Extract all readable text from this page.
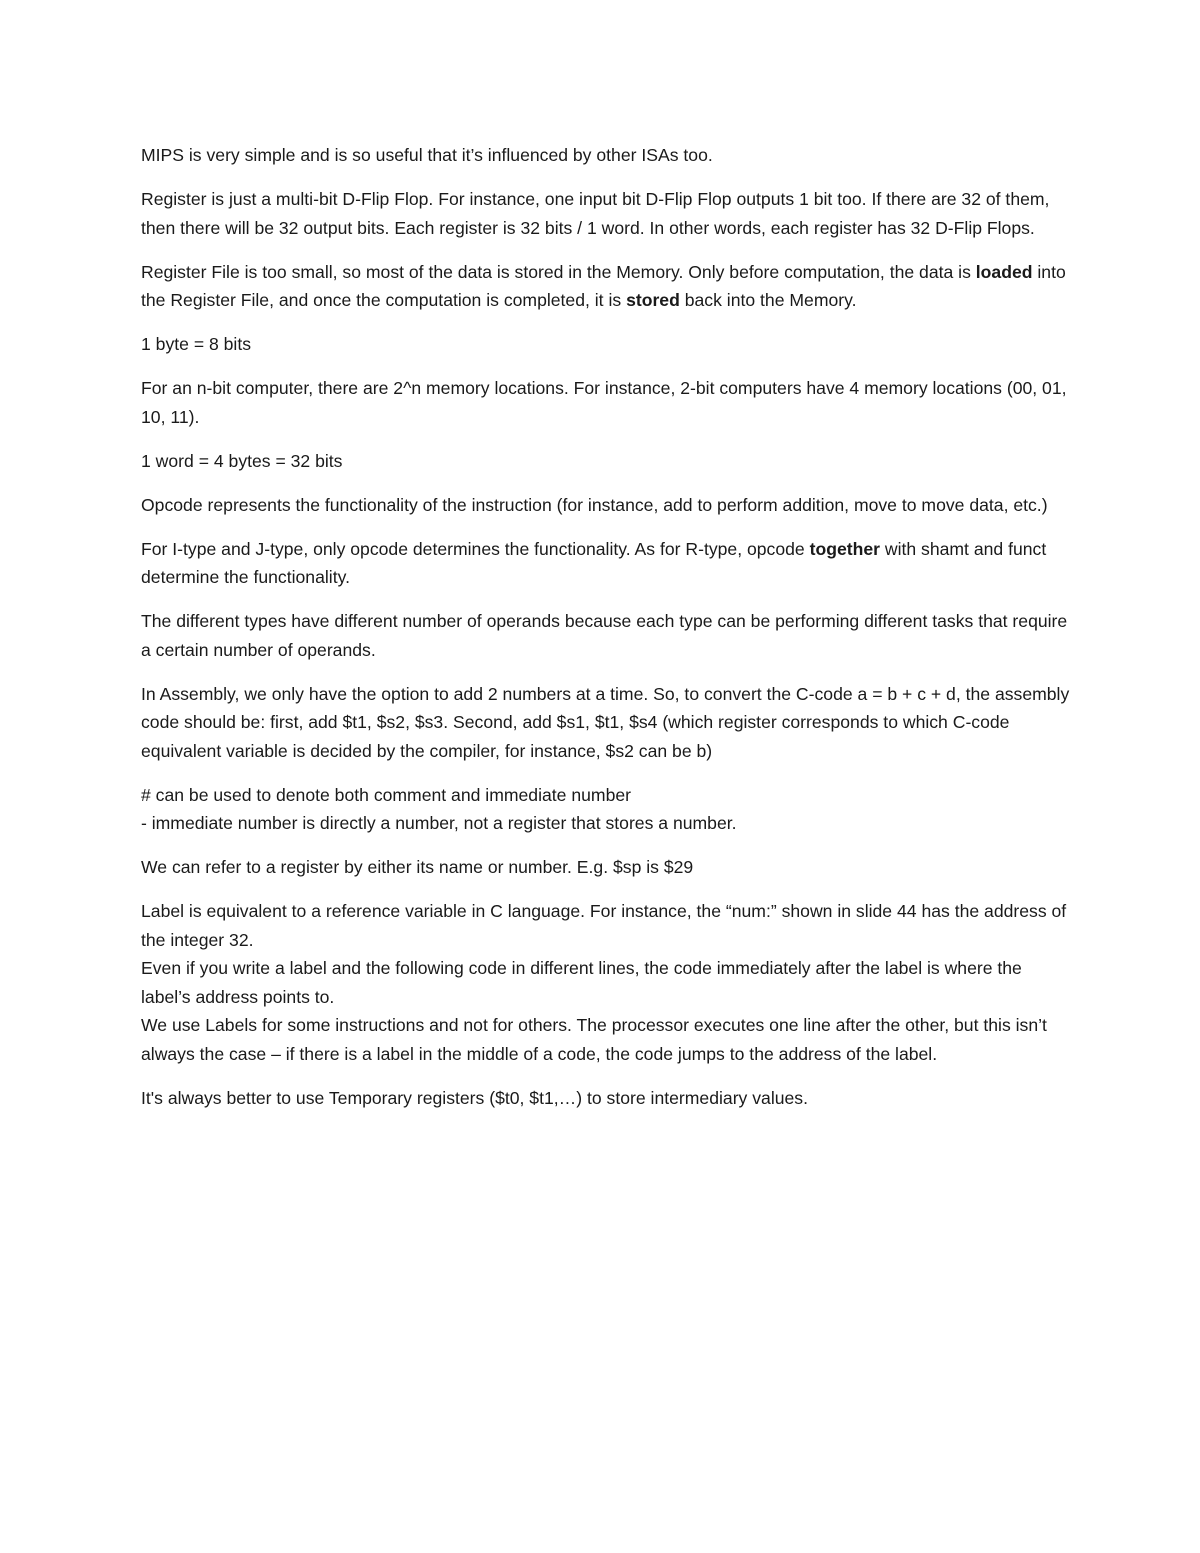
MIPS is very simple and is so useful that it’s influenced by other ISAs too.

Register is just a multi-bit D-Flip Flop. For instance, one input bit D-Flip Flop outputs 1 bit too. If there are 32 of them, then there will be 32 output bits. Each register is 32 bits / 1 word. In other words, each register has 32 D-Flip Flops.

Register File is too small, so most of the data is stored in the Memory. Only before computation, the data is loaded into the Register File, and once the computation is completed, it is stored back into the Memory.

1 byte = 8 bits

For an n-bit computer, there are 2^n memory locations. For instance, 2-bit computers have 4 memory locations (00, 01, 10, 11).

1 word = 4 bytes = 32 bits

Opcode represents the functionality of the instruction (for instance, add to perform addition, move to move data, etc.)

For I-type and J-type, only opcode determines the functionality. As for R-type, opcode together with shamt and funct determine the functionality.

The different types have different number of operands because each type can be performing different tasks that require a certain number of operands.

In Assembly, we only have the option to add 2 numbers at a time. So, to convert the C-code a = b + c + d, the assembly code should be: first, add $t1, $s2, $s3. Second, add $s1, $t1, $s4 (which register corresponds to which C-code equivalent variable is decided by the compiler, for instance, $s2 can be b)

# can be used to denote both comment and immediate number
- immediate number is directly a number, not a register that stores a number.

We can refer to a register by either its name or number. E.g. $sp is $29

Label is equivalent to a reference variable in C language. For instance, the “num:” shown in slide 44 has the address of the integer 32.
Even if you write a label and the following code in different lines, the code immediately after the label is where the label’s address points to.
We use Labels for some instructions and not for others. The processor executes one line after the other, but this isn’t always the case – if there is a label in the middle of a code, the code jumps to the address of the label.

It's always better to use Temporary registers ($t0, $t1,…) to store intermediary values.
